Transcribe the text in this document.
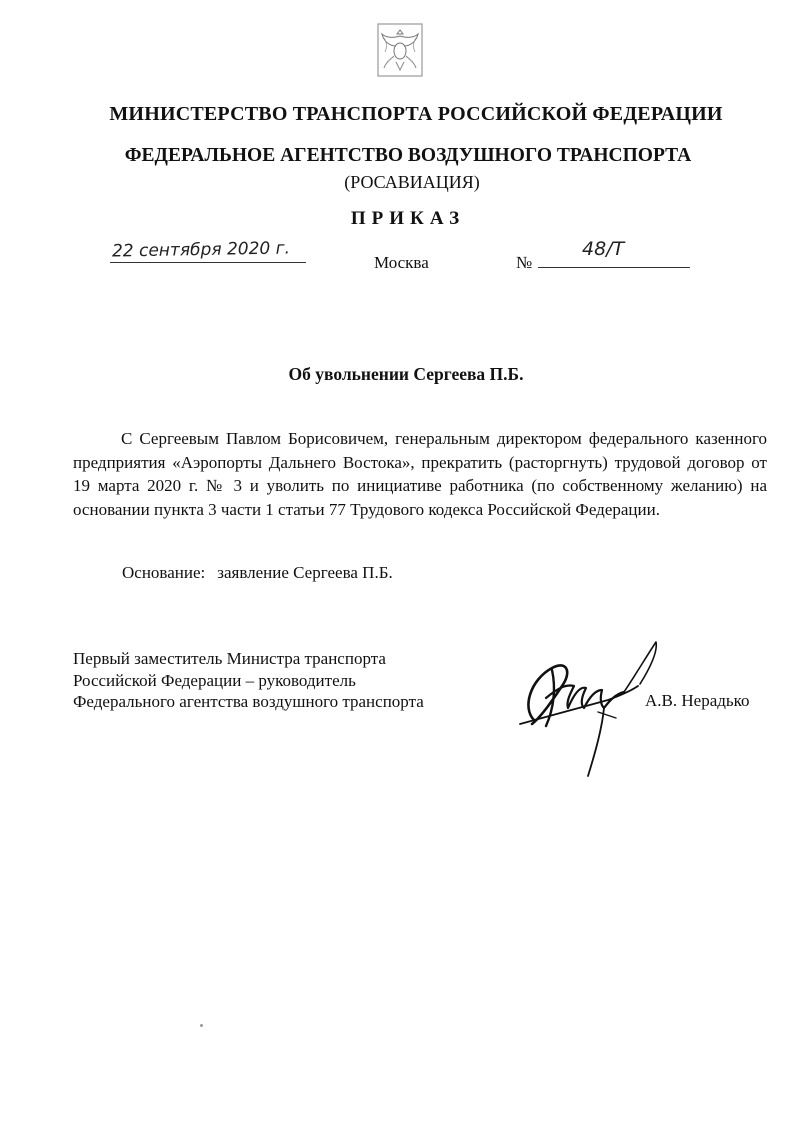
МИНИСТЕРСТВО ТРАНСПОРТА РОССИЙСКОЙ ФЕДЕРАЦИИ
ФЕДЕРАЛЬНОЕ АГЕНТСТВО ВОЗДУШНОГО ТРАНСПОРТА
(РОСАВИАЦИЯ)
ПРИКАЗ
22 сентября 2020 г.
Москва	№
48/Т
Об увольнении Сергеева П.Б.

С Сергеевым Павлом Борисовичем, генеральным директором федерального казенного предприятия «Аэропорты Дальнего Востока», прекратить (расторгнуть) трудовой договор от 19 марта 2020 г. № 3 и уволить по инициативе работника (по собственному желанию) на основании пункта 3 части 1 статьи 77 Трудового кодекса Российской Федерации.

Основание: заявление Сергеева П.Б.
Первый заместитель Министра транспорта
Российской Федерации – руководитель
Федерального агентства воздушного транспорта	А.В. Нерадько
